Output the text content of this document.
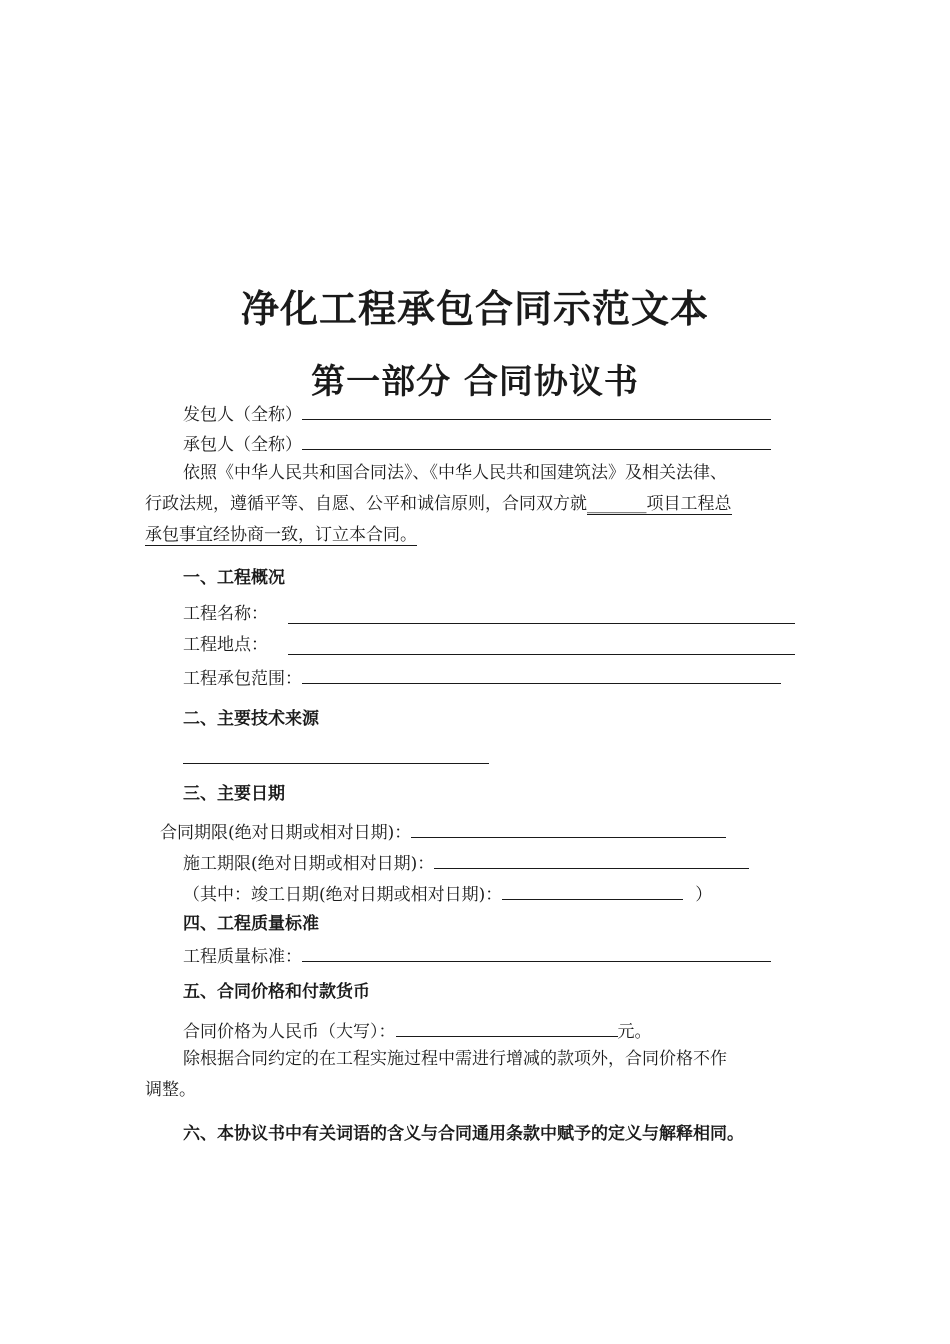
净化工程承包合同示范文本
第一部分 合同协议书
发包人（全称）
承包人（全称）
依照《中华人民共和国合同法》、《中华人民共和国建筑法》及相关法律、
行政法规，遵循平等、自愿、公平和诚信原则，合同双方就_______项目工程总
承包事宜经协商一致，订立本合同。
一、工程概况
工程名称：
工程地点：
工程承包范围：
二、主要技术来源
三、主要日期
合同期限(绝对日期或相对日期)：
施工期限(绝对日期或相对日期)：
（其中：竣工日期(绝对日期或相对日期)：	）
四、工程质量标准
工程质量标准：
五、合同价格和付款货币
合同价格为人民币（大写）：	元。
除根据合同约定的在工程实施过程中需进行增减的款项外，合同价格不作
调整。
六、本协议书中有关词语的含义与合同通用条款中赋予的定义与解释相同。
